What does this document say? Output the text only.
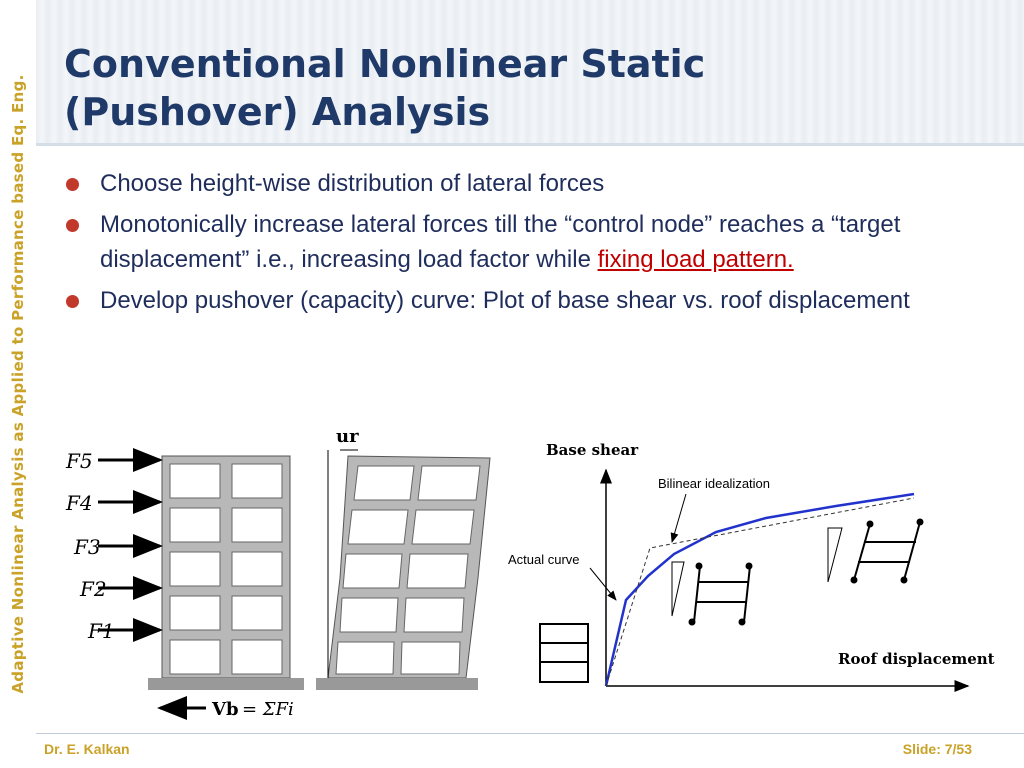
Adaptive Nonlinear Analysis as Applied to Performance based Eq. Eng.
Conventional Nonlinear Static
(Pushover) Analysis
Choose height-wise distribution of lateral forces
Monotonically increase lateral forces till the “control node” reaches a “target displacement” i.e., increasing load factor while fixing load pattern.
Develop pushover (capacity) curve: Plot of base shear vs. roof displacement
F5
F4
F3
F2
F1
Vb = ΣFi
ur
Base shear
Roof displacement
Bilinear idealization
Actual curve
Dr. E. Kalkan	Slide: 7/53
